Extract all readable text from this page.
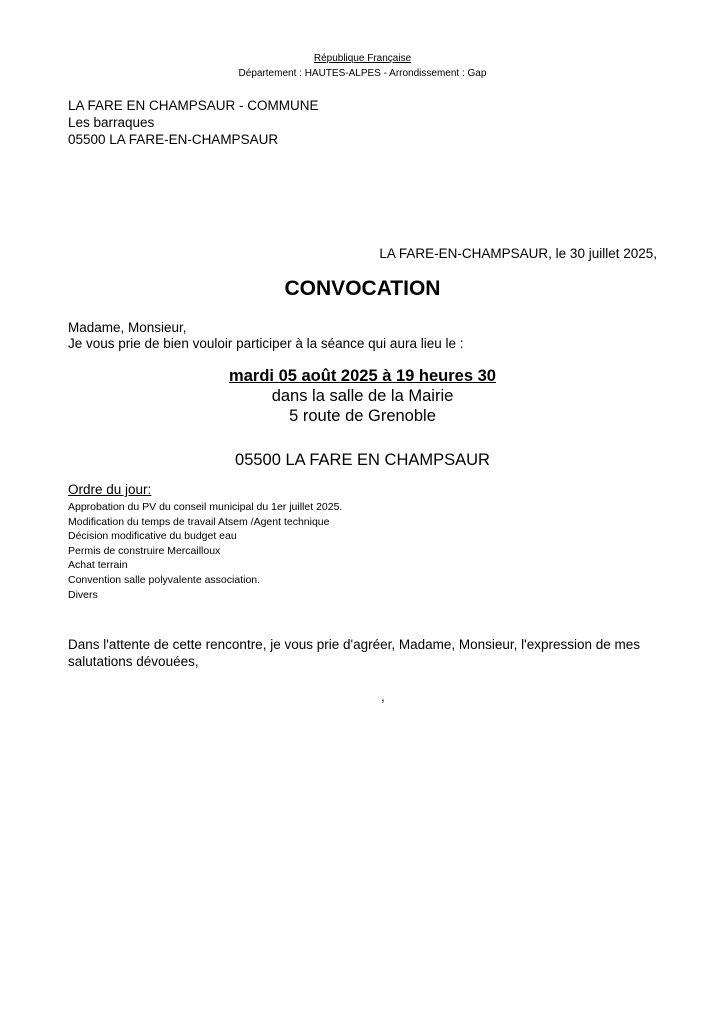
République Française
Département : HAUTES-ALPES - Arrondissement : Gap
LA FARE EN CHAMPSAUR - COMMUNE
Les barraques
05500 LA FARE-EN-CHAMPSAUR
LA FARE-EN-CHAMPSAUR, le 30 juillet 2025,
CONVOCATION
Madame, Monsieur,
Je vous prie de bien vouloir participer à la séance qui aura lieu le :
mardi 05 août 2025 à 19 heures 30
dans la salle de la Mairie
5 route de Grenoble
05500 LA FARE EN CHAMPSAUR
Ordre du jour:
Approbation du PV du conseil municipal du 1er juillet 2025.
Modification du temps de travail Atsem /Agent technique
Décision modificative du budget eau
Permis de construire Mercailloux
Achat terrain
Convention salle polyvalente association.
Divers
Dans l'attente de cette rencontre, je vous prie d'agréer, Madame, Monsieur, l'expression de mes salutations dévouées,
,
